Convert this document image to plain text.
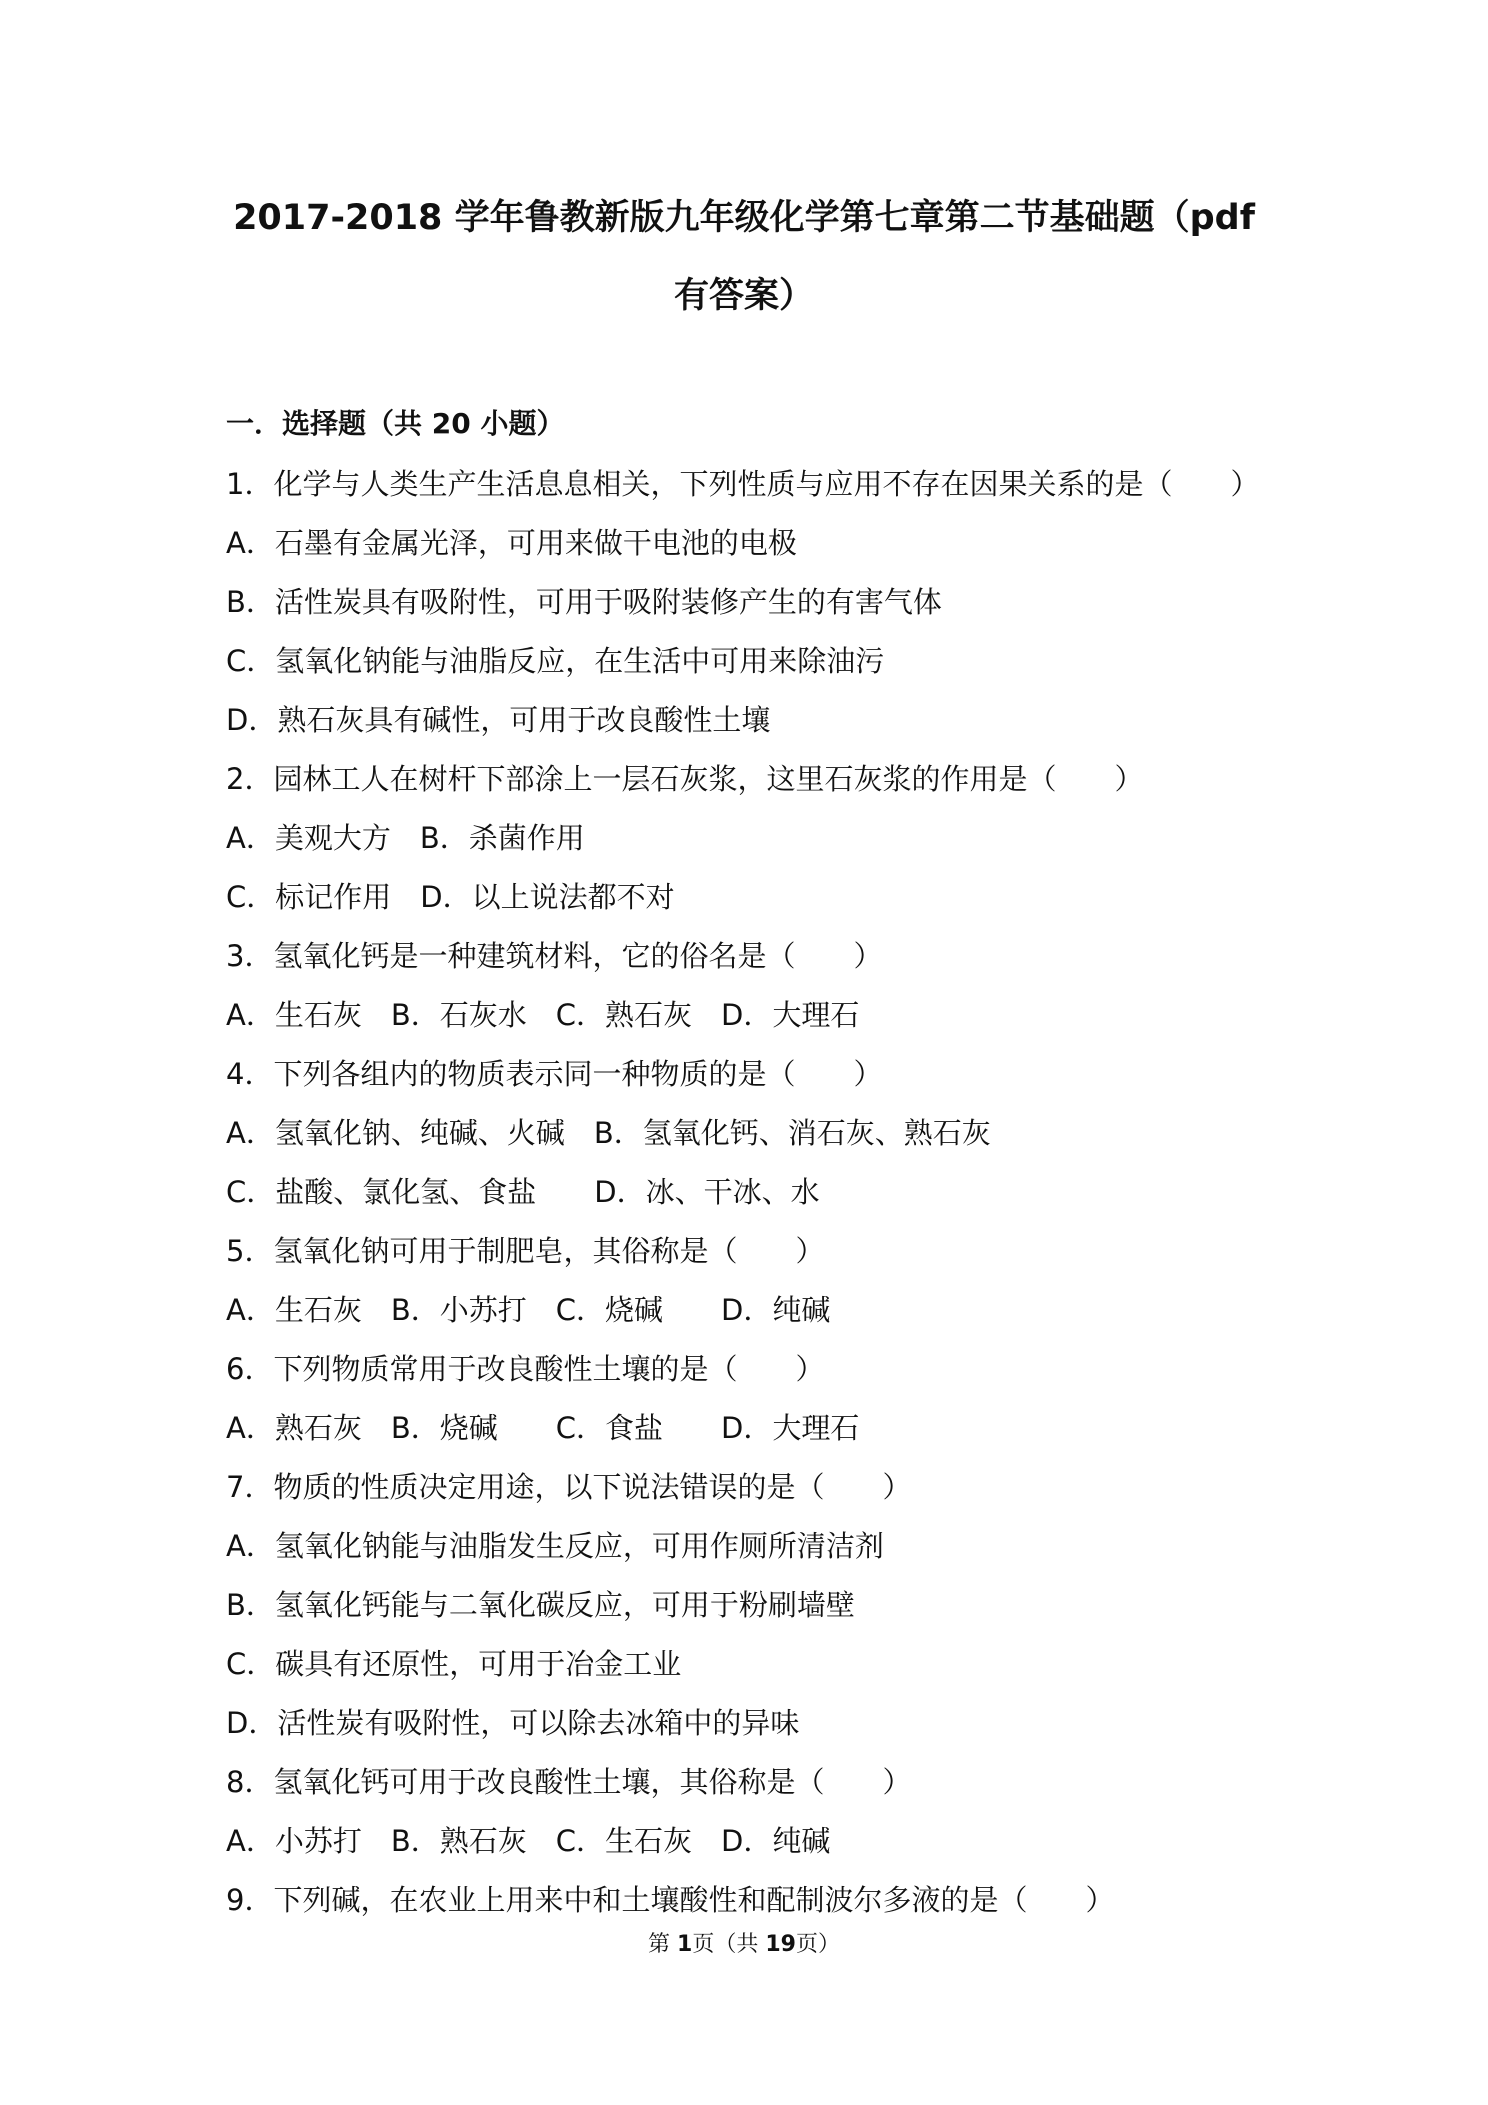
2017-2018 学年鲁教新版九年级化学第七章第二节基础题（pdf
有答案）
一．选择题（共 20 小题）
1．化学与人类生产生活息息相关，下列性质与应用不存在因果关系的是（　　）
A．石墨有金属光泽，可用来做干电池的电极
B．活性炭具有吸附性，可用于吸附装修产生的有害气体
C．氢氧化钠能与油脂反应，在生活中可用来除油污
D．熟石灰具有碱性，可用于改良酸性土壤
2．园林工人在树杆下部涂上一层石灰浆，这里石灰浆的作用是（　　）
A．美观大方　B．杀菌作用
C．标记作用　D．以上说法都不对
3．氢氧化钙是一种建筑材料，它的俗名是（　　）
A．生石灰　B．石灰水　C．熟石灰　D．大理石
4．下列各组内的物质表示同一种物质的是（　　）
A．氢氧化钠、纯碱、火碱　B．氢氧化钙、消石灰、熟石灰
C．盐酸、氯化氢、食盐　　D．冰、干冰、水
5．氢氧化钠可用于制肥皂，其俗称是（　　）
A．生石灰　B．小苏打　C．烧碱　　D．纯碱
6．下列物质常用于改良酸性土壤的是（　　）
A．熟石灰　B．烧碱　　C．食盐　　D．大理石
7．物质的性质决定用途，以下说法错误的是（　　）
A．氢氧化钠能与油脂发生反应，可用作厕所清洁剂
B．氢氧化钙能与二氧化碳反应，可用于粉刷墙壁
C．碳具有还原性，可用于冶金工业
D．活性炭有吸附性，可以除去冰箱中的异味
8．氢氧化钙可用于改良酸性土壤，其俗称是（　　）
A．小苏打　B．熟石灰　C．生石灰　D．纯碱
9．下列碱，在农业上用来中和土壤酸性和配制波尔多液的是（　　）
第 1页（共 19页）
